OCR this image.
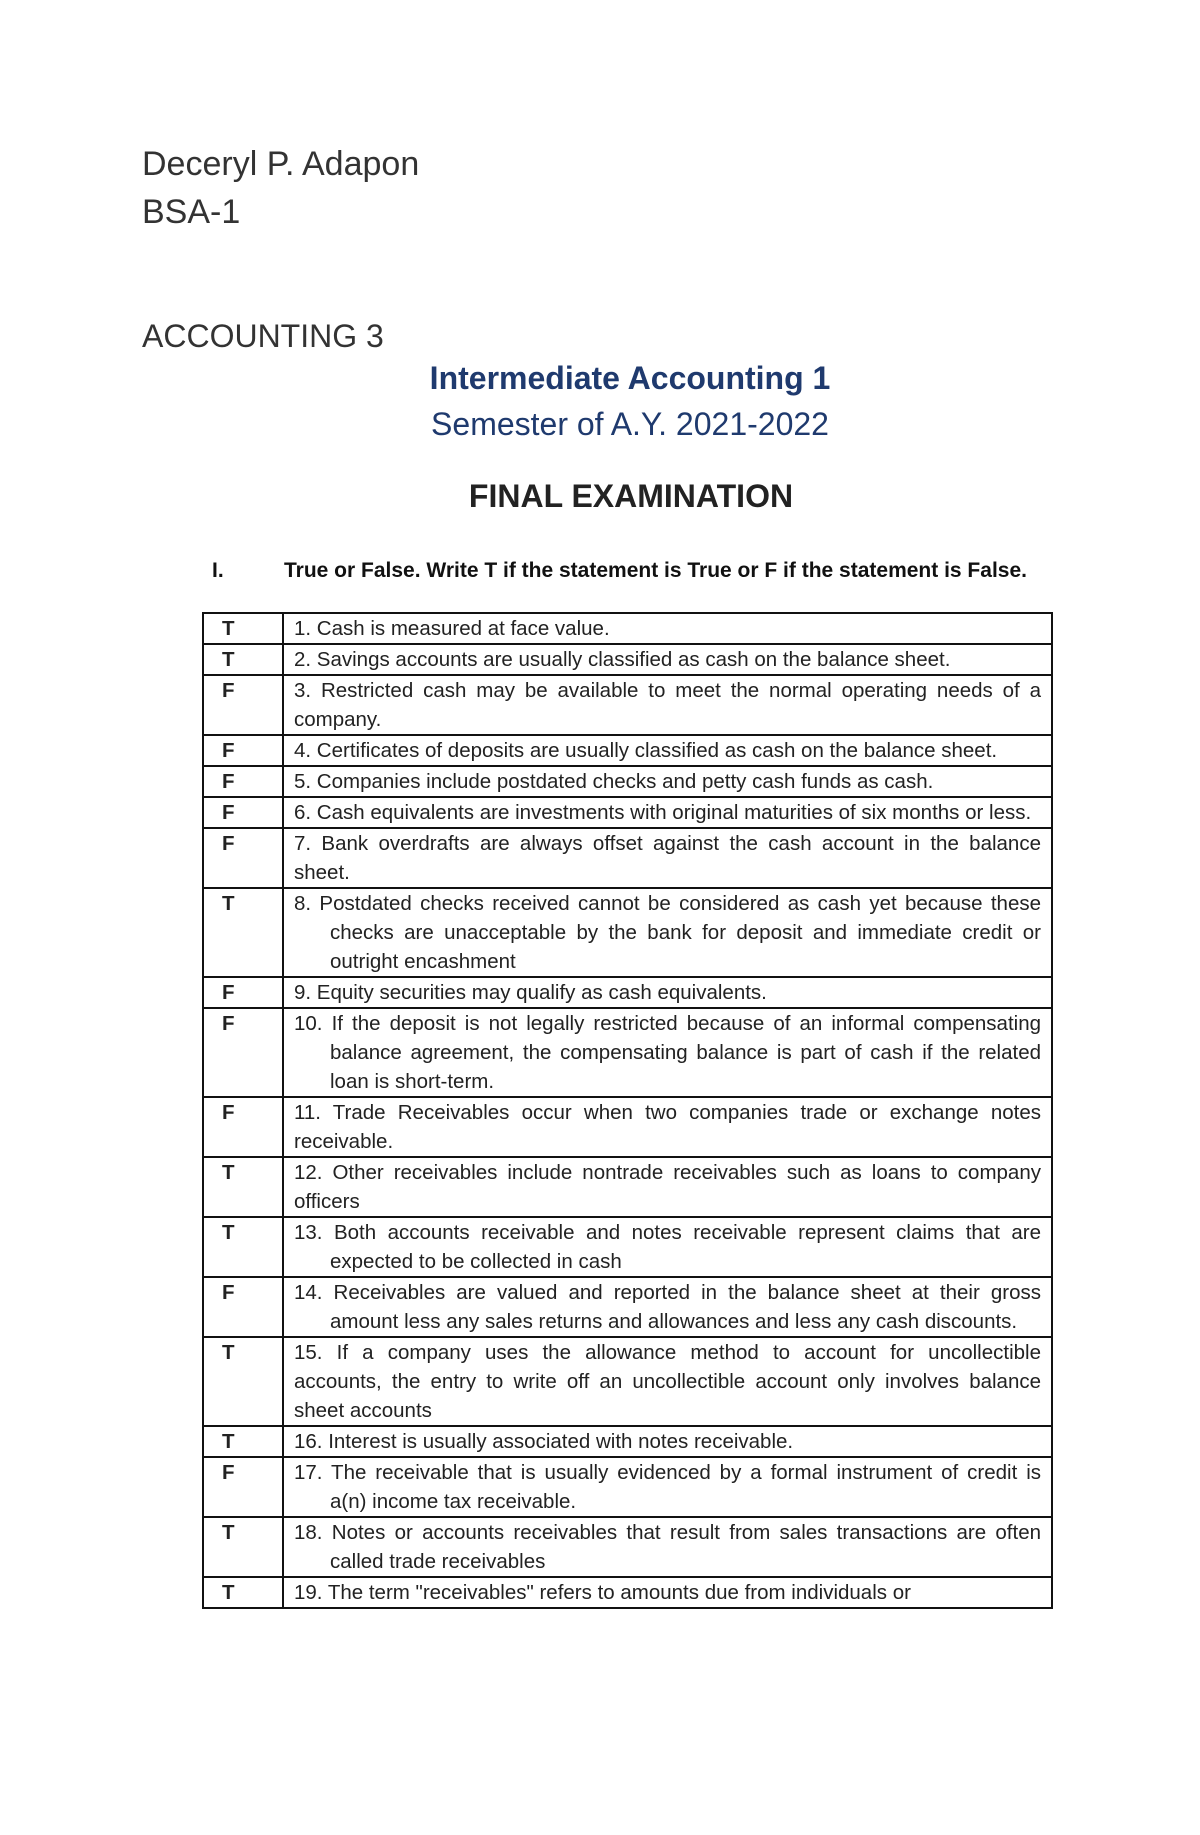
Deceryl P. Adapon
BSA-1
ACCOUNTING 3
Intermediate Accounting 1
Semester of A.Y. 2021-2022
FINAL EXAMINATION
I.	True or False. Write T if the statement is True or F if the statement is False.
T	1. Cash is measured at face value.

T	2. Savings accounts are usually classified as cash on the balance sheet.

F	3. Restricted cash may be available to meet the normal operating needs of a company.

F	4. Certificates of deposits are usually classified as cash on the balance sheet.

F	5. Companies include postdated checks and petty cash funds as cash.

F	6. Cash equivalents are investments with original maturities of six months or less.

F	7. Bank overdrafts are always offset against the cash account in the balance sheet.

T	8. Postdated checks received cannot be considered as cash yet because these checks are unacceptable by the bank for deposit and immediate credit or outright encashment

F	9. Equity securities may qualify as cash equivalents.

F	10. If the deposit is not legally restricted because of an informal compensating balance agreement, the compensating balance is part of cash if the related loan is short-term.

F	11. Trade Receivables occur when two companies trade or exchange notes receivable.

T	12. Other receivables include nontrade receivables such as loans to company officers

T	13. Both accounts receivable and notes receivable represent claims that are expected to be collected in cash

F	14. Receivables are valued and reported in the balance sheet at their gross amount less any sales returns and allowances and less any cash discounts.

T	15. If a company uses the allowance method to account for uncollectible accounts, the entry to write off an uncollectible account only involves balance sheet accounts

T	16. Interest is usually associated with notes receivable.

F	17. The receivable that is usually evidenced by a formal instrument of credit is a(n) income tax receivable.

T	18. Notes or accounts receivables that result from sales transactions are often called trade receivables

T	19. The term "receivables" refers to amounts due from individuals or
